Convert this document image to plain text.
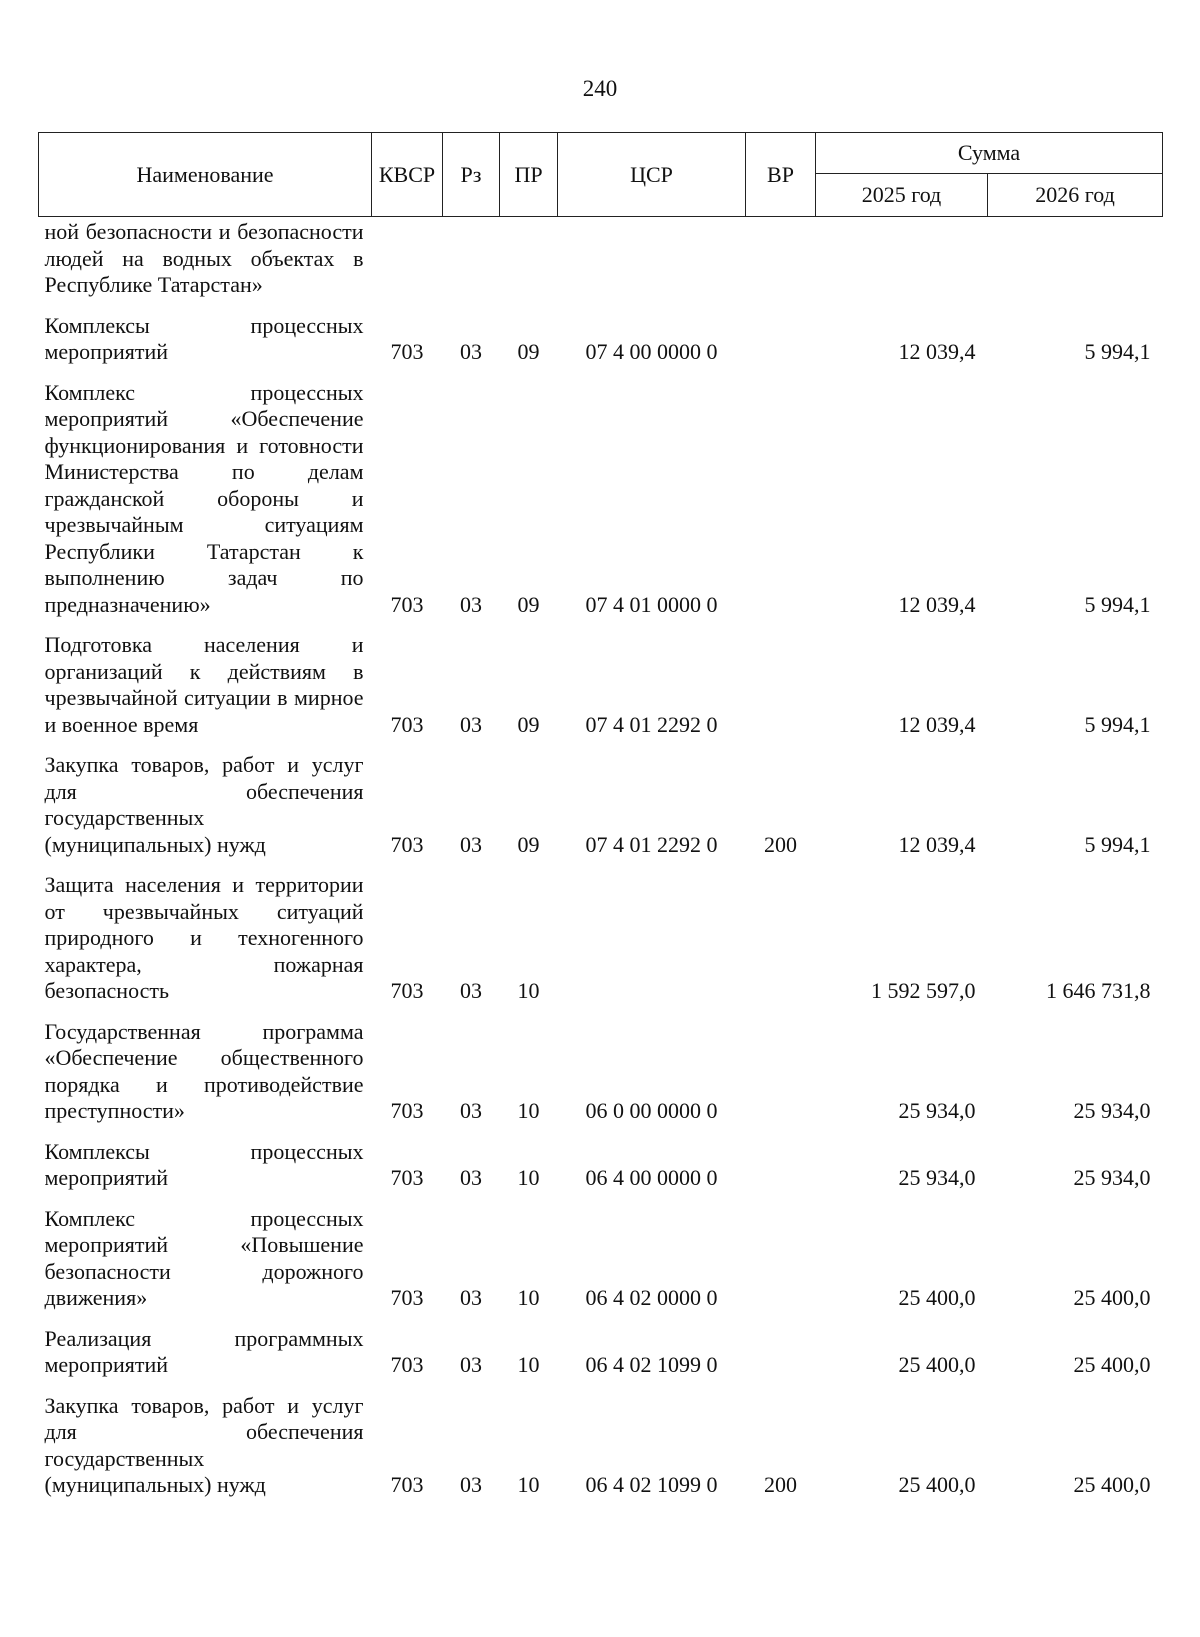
240
Наименование	КВСР	Рз	ПР	ЦСР	ВР	Сумма	
						2025 год	2026 год
ной безопасности и безопасности людей на водных объектах в Республике Татарстан»							
Комплексы процессных мероприятий	703	03	09	07 4 00 0000 0		12 039,4	5 994,1
Комплекс процессных мероприятий «Обеспечение функционирования и готовности Министерства по делам гражданской обороны и чрезвычайным ситуациям Республики Татарстан к выполнению задач по предназначению»	703	03	09	07 4 01 0000 0		12 039,4	5 994,1
Подготовка населения и организаций к действиям в чрезвычайной ситуации в мирное и военное время	703	03	09	07 4 01 2292 0		12 039,4	5 994,1
Закупка товаров, работ и услуг для обеспечения государственных (муниципальных) нужд	703	03	09	07 4 01 2292 0	200	12 039,4	5 994,1
Защита населения и территории от чрезвычайных ситуаций природного и техногенного характера, пожарная безопасность	703	03	10			1 592 597,0	1 646 731,8
Государственная программа «Обеспечение общественного порядка и противодействие преступности»	703	03	10	06 0 00 0000 0		25 934,0	25 934,0
Комплексы процессных мероприятий	703	03	10	06 4 00 0000 0		25 934,0	25 934,0
Комплекс процессных мероприятий «Повышение безопасности дорожного движения»	703	03	10	06 4 02 0000 0		25 400,0	25 400,0
Реализация программных мероприятий	703	03	10	06 4 02 1099 0		25 400,0	25 400,0
Закупка товаров, работ и услуг для обеспечения государственных (муниципальных) нужд	703	03	10	06 4 02 1099 0	200	25 400,0	25 400,0
